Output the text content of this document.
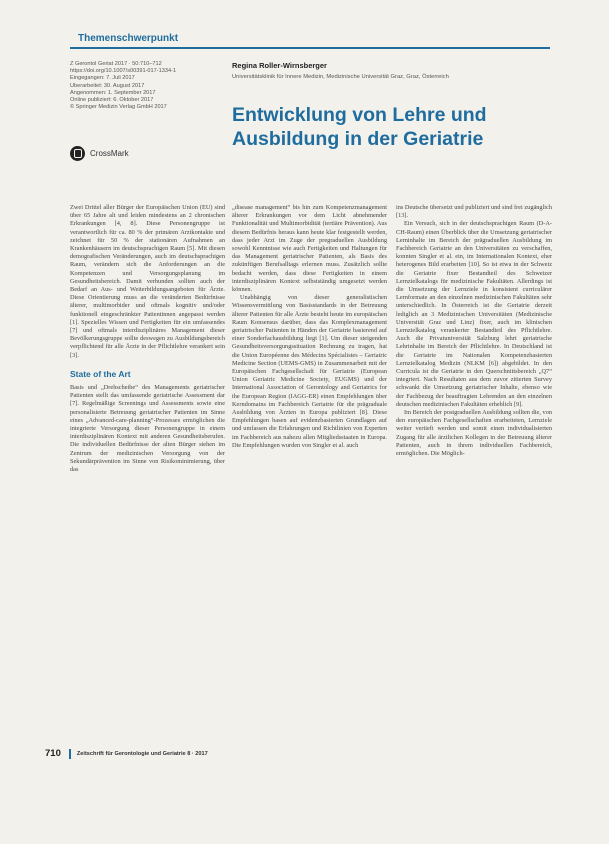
Themenschwerpunkt
Z Gerontol Geriat 2017 · 50:710–712
https://doi.org/10.1007/s00391-017-1334-1
Eingegangen: 7. Juli 2017
Überarbeitet: 30. August 2017
Angenommen: 1. September 2017
Online publiziert: 6. Oktober 2017
© Springer Medizin Verlag GmbH 2017
CrossMark
Regina Roller-Wirnsberger
Universitätsklinik für Innere Medizin, Medizinische Universität Graz, Graz, Österreich
Entwicklung von Lehre und Ausbildung in der Geriatrie

Zwei Drittel aller Bürger der Europäischen Union (EU) sind über 65 Jahre alt und leiden mindestens an 2 chronischen Erkrankungen [4, 8]. Diese Personengruppe ist verantwortlich für ca. 80 % der primären Arztkontakte und zeichnet für 50 % der stationären Aufnahmen an Krankenhäusern im deutschsprachigen Raum [5]. Mit diesen demografischen Veränderungen, auch im deutschsprachigen Raum, verändern sich die Anforderungen an die Kompetenzen und Versorgungsplanung im Gesundheitsbereich. Damit verbunden sollten auch der Bedarf an Aus- und Weiterbildungsangeboten für Ärzte. Diese Orientierung muss an die veränderten Bedürfnisse älterer, multimorbider und oftmals kognitiv und/oder funktionell eingeschränkter Patientinnen angepasst werden [1]. Spezielles Wissen und Fertigkeiten für ein umfassendes [7] und oftmals interdisziplinäres Management dieser Bevölkerungsgruppe sollte deswegen zu Ausbildungsbereich verpflichtend für alle Ärzte in der Pflichtlehre verankert sein [3].

State of the Art

Basis und „Drehscheibe“ des Managements geriatrischer Patienten stellt das umfassende geriatrische Assessment dar [7]. Regelmäßige Screenings und Assessments sowie eine personalisierte Betreuung geriatrischer Patienten im Sinne eines „Advanced-care-planning“-Prozesses ermöglichen die integrierte Versorgung dieser Personengruppe in einem interdisziplinären Kontext mit anderen Gesundheitsberufen. Die individuellen Bedürfnisse der alten Bürger stehen im Zentrum der medizinischen Versorgung von der Sekundärprävention im Sinne von Risikominimierung, über das

„disease management“ bis hin zum Kompetenzmanagement älterer Erkrankungen vor dem Licht abnehmender Funktionalität und Multimorbidität (tertiäre Prävention). Aus diesem Bedürfnis heraus kann heute klar festgestellt werden, dass jeder Arzt im Zuge der pregraduellen Ausbildung sowohl Kenntnisse wie auch Fertigkeiten und Haltungen für das Management geriatrischer Patienten, als Basis des zukünftigen Berufsalltags erlernen muss. Zusätzlich sollte bedacht werden, dass diese Fertigkeiten in einem interdisziplinären Kontext selbstständig umgesetzt werden können.

Unabhängig von dieser generalistischen Wissensvermittlung von Basisstandards in der Betreuung älterer Patienten für alle Ärzte besteht heute im europäischen Raum Konsensus darüber, dass das Komplexmanagement geriatrischer Patienten in Händen der Geriatrie basierend auf einer Sonderfachausbildung liegt [1]. Um dieser steigenden Gesundheitsversorgungssituation Rechnung zu tragen, hat die Union Européenne des Médecins Spécialistes – Geriatric Medicine Section (UEMS-GMS) in Zusammenarbeit mit der Europäischen Fachgesellschaft für Geriatrie (European Union Geriatric Medicine Society, EUGMS) und der International Association of Gerontology and Geriatrics for the European Region (IAGG-ER) einen Empfehlungen über Kerndomains im Fachbereich Geriatrie für die prägraduale Ausbildung von Ärzten in Europa publiziert [8]. Diese Empfehlungen basen auf evidenzbasierten Grundlagen auf und umfassen die Erfahrungen und Richtlinien von Experten im Fachbereich aus nahezu allen Mitgliedsstaaten in Europa. Die Empfehlungen wurden von Singler et al. auch

ins Deutsche übersetzt und publiziert und sind frei zugänglich [13].

Ein Versuch, sich in der deutschsprachigen Raum (D-A-CH-Raum) einen Überblick über die Umsetzung geriatrischer Lerninhalte im Bereich der prägraduellen Ausbildung im Fachbereich Geriatrie an den Universitäten zu verschaffen, konnten Singler et al. ein, im Internationalen Kontext, eher heterogenes Bild erarbeiten [10]. So ist etwa in der Schweiz die Geriatrie fixer Bestandteil des Schweizer Lernzielkatalogs für medizinische Fakultäten. Allerdings ist die Umsetzung der Lernziele in konsistent curriculärer Lernformate an den einzelnen medizinischen Fakultäten sehr unterschiedlich. In Österreich ist die Geriatrie derzeit lediglich an 3 Medizinischen Universitäten (Medizinische Universität Graz und Linz) fixer, auch im klinischen Lernzielkatalog verankerter Bestandteil des Pflichtlehre. Auch die Privatuniversität Salzburg lehrt geriatrische Lehrinhalte im Bereich der Pflichtlehre. In Deutschland ist die Geriatrie im Nationalen Kompetenzbasierten Lernzielkatalog Medizin (NLKM [6]) abgebildet. In den Curricula ist die Geriatrie in den Querschnittsbereich „Q7“ integriert. Nach Resultaten aus dem zuvor zitierten Survey schwankt die Umsetzung geriatrischer Inhalte, ebenso wie der Fachbezug der beauftragten Lehrenden an den einzelnen deutschen medizinischen Fakultäten erheblich [9].

Im Bereich der postgraduellen Ausbildung sollten die, von den europäischen Fachgesellschaften erarbeiteten, Lernziele weiter vertieft werden und somit einen individualisierten Zugang für alle ärztlichen Kollegen in der Betreuung älterer Patienten, auch in ihrem individuellen Fachbereich, ermöglichen. Die Möglich-

710	Zeitschrift für Gerontologie und Geriatrie 8 · 2017
